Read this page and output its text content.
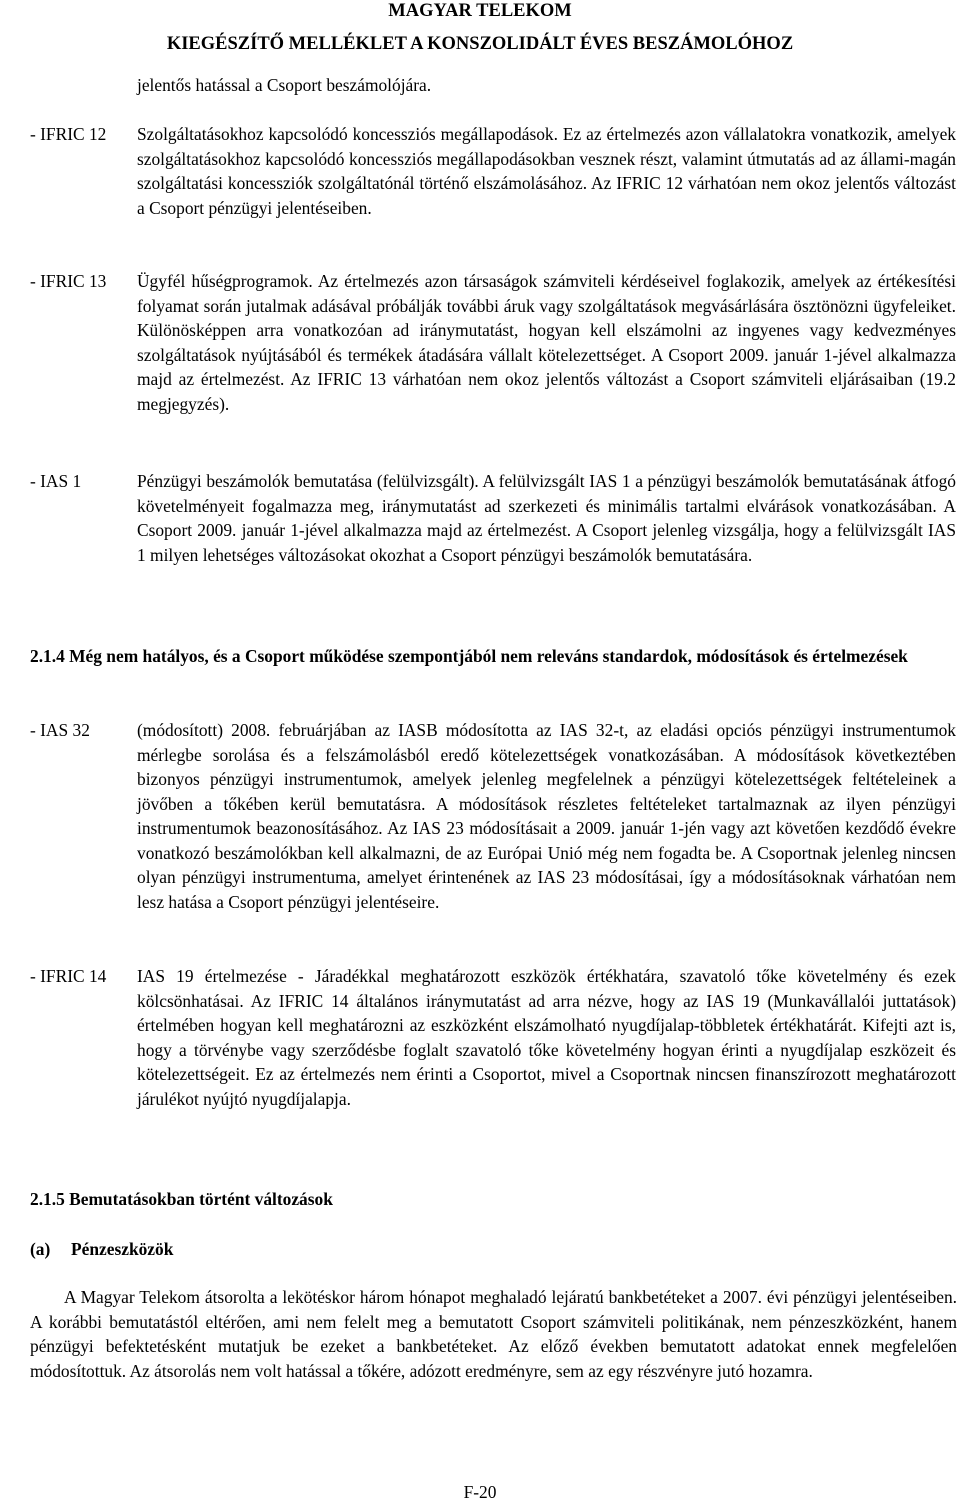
MAGYAR TELEKOM
KIEGÉSZÍTŐ MELLÉKLET A KONSZOLIDÁLT ÉVES BESZÁMOLÓHOZ
jelentős hatással a Csoport beszámolójára.
- IFRIC 12 Szolgáltatásokhoz kapcsolódó koncessziós megállapodások. Ez az értelmezés azon vállalatokra vonatkozik, amelyek szolgáltatásokhoz kapcsolódó koncessziós megállapodásokban vesznek részt, valamint útmutatás ad az állami-magán szolgáltatási koncessziók szolgáltatónál történő elszámolásához. Az IFRIC 12 várhatóan nem okoz jelentős változást a Csoport pénzügyi jelentéseiben.
- IFRIC 13 Ügyfél hűségprogramok. Az értelmezés azon társaságok számviteli kérdéseivel foglakozik, amelyek az értékesítési folyamat során jutalmak adásával próbálják további áruk vagy szolgáltatások megvásárlására ösztönözni ügyfeleiket. Különösképpen arra vonatkozóan ad iránymutatást, hogyan kell elszámolni az ingyenes vagy kedvezményes szolgáltatások nyújtásából és termékek átadására vállalt kötelezettséget. A Csoport 2009. január 1-jével alkalmazza majd az értelmezést. Az IFRIC 13 várhatóan nem okoz jelentős változást a Csoport számviteli eljárásaiban (19.2 megjegyzés).
- IAS 1	Pénzügyi beszámolók bemutatása (felülvizsgált). A felülvizsgált IAS 1 a pénzügyi beszámolók bemutatásának átfogó követelményeit fogalmazza meg, iránymutatást ad szerkezeti és minimális tartalmi elvárások vonatkozásában. A Csoport 2009. január 1-jével alkalmazza majd az értelmezést. A Csoport jelenleg vizsgálja, hogy a felülvizsgált IAS 1 milyen lehetséges változásokat okozhat a Csoport pénzügyi beszámolók bemutatására.
2.1.4 Még nem hatályos, és a Csoport működése szempontjából nem releváns standardok, módosítások és értelmezések
- IAS 32	(módosított) 2008. februárjában az IASB módosította az IAS 32-t, az eladási opciós pénzügyi instrumentumok mérlegbe sorolása és a felszámolásból eredő kötelezettségek vonatkozásában. A módosítások következtében bizonyos pénzügyi instrumentumok, amelyek jelenleg megfelelnek a pénzügyi kötelezettségek feltételeinek a jövőben a tőkében kerül bemutatásra. A módosítások részletes feltételeket tartalmaznak az ilyen pénzügyi instrumentumok beazonosításához. Az IAS 23 módosításait a 2009. január 1-jén vagy azt követően kezdődő évekre vonatkozó beszámolókban kell alkalmazni, de az Európai Unió még nem fogadta be. A Csoportnak jelenleg nincsen olyan pénzügyi instrumentuma, amelyet érintenének az IAS 23 módosításai, így a módosításoknak várhatóan nem lesz hatása a Csoport pénzügyi jelentéseire.
- IFRIC 14 IAS 19 értelmezése - Járadékkal meghatározott eszközök értékhatára, szavatoló tőke követelmény és ezek kölcsönhatásai. Az IFRIC 14 általános iránymutatást ad arra nézve, hogy az IAS 19 (Munkavállalói juttatások) értelmében hogyan kell meghatározni az eszközként elszámolható nyugdíjalap-többletek értékhatárát. Kifejti azt is, hogy a törvénybe vagy szerződésbe foglalt szavatoló tőke követelmény hogyan érinti a nyugdíjalap eszközeit és kötelezettségeit. Ez az értelmezés nem érinti a Csoportot, mivel a Csoportnak nincsen finanszírozott meghatározott járulékot nyújtó nyugdíjalapja.
2.1.5 Bemutatásokban történt változások
(a) Pénzeszközök
A Magyar Telekom átsorolta a lekötéskor három hónapot meghaladó lejáratú bankbetéteket a 2007. évi pénzügyi jelentéseiben. A korábbi bemutatástól eltérően, ami nem felelt meg a bemutatott Csoport számviteli politikának, nem pénzeszközként, hanem pénzügyi befektetésként mutatjuk be ezeket a bankbetéteket. Az előző években bemutatott adatokat ennek megfelelően módosítottuk. Az átsorolás nem volt hatással a tőkére, adózott eredményre, sem az egy részvényre jutó hozamra.
F-20
